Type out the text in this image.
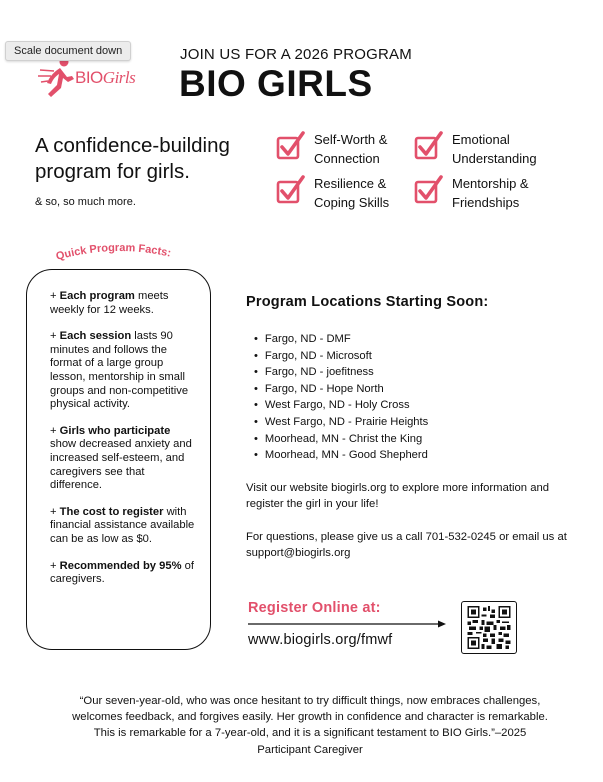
Scale document down
BIOGirls
JOIN US FOR A 2026 PROGRAM
BIO GIRLS
A confidence-building program for girls.
& so, so much more.
Self-Worth & Connection
Emotional Understanding
Resilience & Coping Skills
Mentorship & Friendships
Quick Program Facts:

+ Each program meets weekly for 12 weeks.

+ Each session lasts 90 minutes and follows the format of a large group lesson, mentorship in small groups and non-competitive physical activity.

+ Girls who participate show decreased anxiety and increased self-esteem, and caregivers see that difference.

+ The cost to register with financial assistance available can be as low as $0.

+ Recommended by 95% of caregivers.

Program Locations Starting Soon:
• Fargo, ND - DMF
• Fargo, ND - Microsoft
• Fargo, ND - joefitness
• Fargo, ND - Hope North
• West Fargo, ND - Holy Cross
• West Fargo, ND - Prairie Heights
• Moorhead, MN - Christ the King
• Moorhead, MN - Good Shepherd

Visit our website biogirls.org to explore more information and register the girl in your life!

For questions, please give us a call 701-532-0245 or email us at support@biogirls.org

Register Online at:
www.biogirls.org/fmwf

“Our seven-year-old, who was once hesitant to try difficult things, now embraces challenges, welcomes feedback, and forgives easily. Her growth in confidence and character is remarkable. This is remarkable for a 7-year-old, and it is a significant testament to BIO Girls.”–2025 Participant Caregiver
